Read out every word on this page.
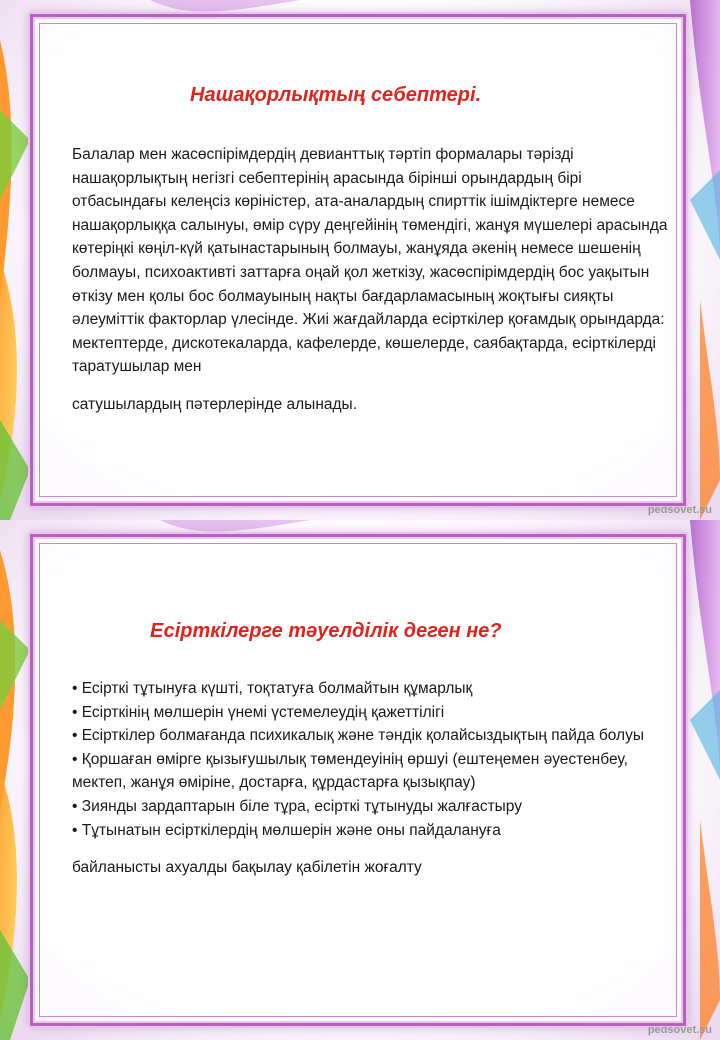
Нашақорлықтың себептері.

Балалар мен жасөспірімдердің девианттық тәртіп формалары тәрізді нашақорлықтың негізгі себептерінің арасында бірінші орындардың бірі отбасындағы келеңсіз көріністер, ата-аналардың спирттік ішімдіктерге немесе нашақорлыққа салынуы, өмір сүру деңгейінің төмендігі, жанұя мүшелері арасында көтеріңкі көңіл-күй қатынастарының болмауы, жанұяда әкенің немесе шешенің болмауы, психоактивті заттарға оңай қол жеткізу, жасөспірімдердің бос уақытын өткізу мен қолы бос болмауының нақты бағдарламасының жоқтығы сияқты әлеуміттік факторлар үлесінде. Жиі жағдайларда есірткілер қоғамдық орындарда: мектептерде, дискотекаларда, кафелерде, көшелерде, саябақтарда, есірткілерді таратушылар мен

сатушылардың пәтерлерінде алынады.

pedsovet.su
Есірткілерге тәуелділік деген не?
• Есірткі тұтынуға күшті, тоқтатуға болмайтын құмарлық
• Есірткінің мөлшерін үнемі үстемелеудің қажеттілігі
• Есірткілер болмағанда психикалық және тәндік қолайсыздықтың пайда болуы
• Қоршаған өмірге қызығушылық төмендеуінің өршуі (ештеңемен әуестенбеу, мектеп, жанұя өміріне, достарға, құрдастарға қызықпау)
• Зиянды зардаптарын біле тұра, есірткі тұтынуды жалғастыру
• Тұтынатын есірткілердің мөлшерін және оны пайдалануға

байланысты ахуалды бақылау қабілетін жоғалту

pedsovet.su
